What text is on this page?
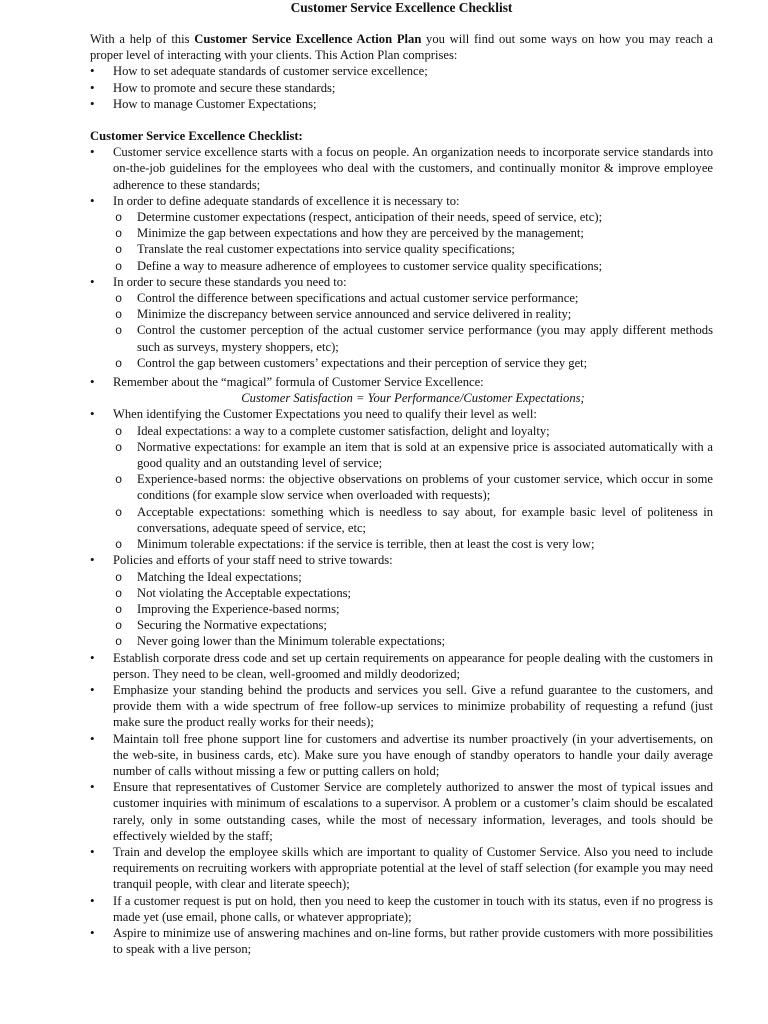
Customer Service Excellence Checklist

With a help of this Customer Service Excellence Action Plan you will find out some ways on how you may reach a proper level of interacting with your clients. This Action Plan comprises:

•
How to set adequate standards of customer service excellence;
•
How to promote and secure these standards;
•
How to manage Customer Expectations;

Customer Service Excellence Checklist:

•
Customer service excellence starts with a focus on people. An organization needs to incorporate service standards into on-the-job guidelines for the employees who deal with the customers, and continually monitor & improve employee adherence to these standards;
•
In order to define adequate standards of excellence it is necessary to:
o
Determine customer expectations (respect, anticipation of their needs, speed of service, etc);
o
Minimize the gap between expectations and how they are perceived by the management;
o
Translate the real customer expectations into service quality specifications;
o
Define a way to measure adherence of employees to customer service quality specifications;
•
In order to secure these standards you need to:
o
Control the difference between specifications and actual customer service performance;
o
Minimize the discrepancy between service announced and service delivered in reality;
o
Control the customer perception of the actual customer service performance (you may apply different methods such as surveys, mystery shoppers, etc);
o
Control the gap between customers’ expectations and their perception of service they get;
•
Remember about the “magical” formula of Customer Service Excellence:

Customer Satisfaction = Your Performance/Customer Expectations;

•
When identifying the Customer Expectations you need to qualify their level as well:
o
Ideal expectations: a way to a complete customer satisfaction, delight and loyalty;
o
Normative expectations: for example an item that is sold at an expensive price is associated automatically with a good quality and an outstanding level of service;
o
Experience-based norms: the objective observations on problems of your customer service, which occur in some conditions (for example slow service when overloaded with requests);
o
Acceptable expectations: something which is needless to say about, for example basic level of politeness in conversations, adequate speed of service, etc;
o
Minimum tolerable expectations: if the service is terrible, then at least the cost is very low;
•
Policies and efforts of your staff need to strive towards:
o
Matching the Ideal expectations;
o
Not violating the Acceptable expectations;
o
Improving the Experience-based norms;
o
Securing the Normative expectations;
o
Never going lower than the Minimum tolerable expectations;
•
Establish corporate dress code and set up certain requirements on appearance for people dealing with the customers in person. They need to be clean, well-groomed and mildly deodorized;
•
Emphasize your standing behind the products and services you sell. Give a refund guarantee to the customers, and provide them with a wide spectrum of free follow-up services to minimize probability of requesting a refund (just make sure the product really works for their needs);
•
Maintain toll free phone support line for customers and advertise its number proactively (in your advertisements, on the web-site, in business cards, etc). Make sure you have enough of standby operators to handle your daily average number of calls without missing a few or putting callers on hold;
•
Ensure that representatives of Customer Service are completely authorized to answer the most of typical issues and customer inquiries with minimum of escalations to a supervisor. A problem or a customer’s claim should be escalated rarely, only in some outstanding cases, while the most of necessary information, leverages, and tools should be effectively wielded by the staff;
•
Train and develop the employee skills which are important to quality of Customer Service. Also you need to include requirements on recruiting workers with appropriate potential at the level of staff selection (for example you may need tranquil people, with clear and literate speech);
•
If a customer request is put on hold, then you need to keep the customer in touch with its status, even if no progress is made yet (use email, phone calls, or whatever appropriate);
•
Aspire to minimize use of answering machines and on-line forms, but rather provide customers with more possibilities to speak with a live person;
